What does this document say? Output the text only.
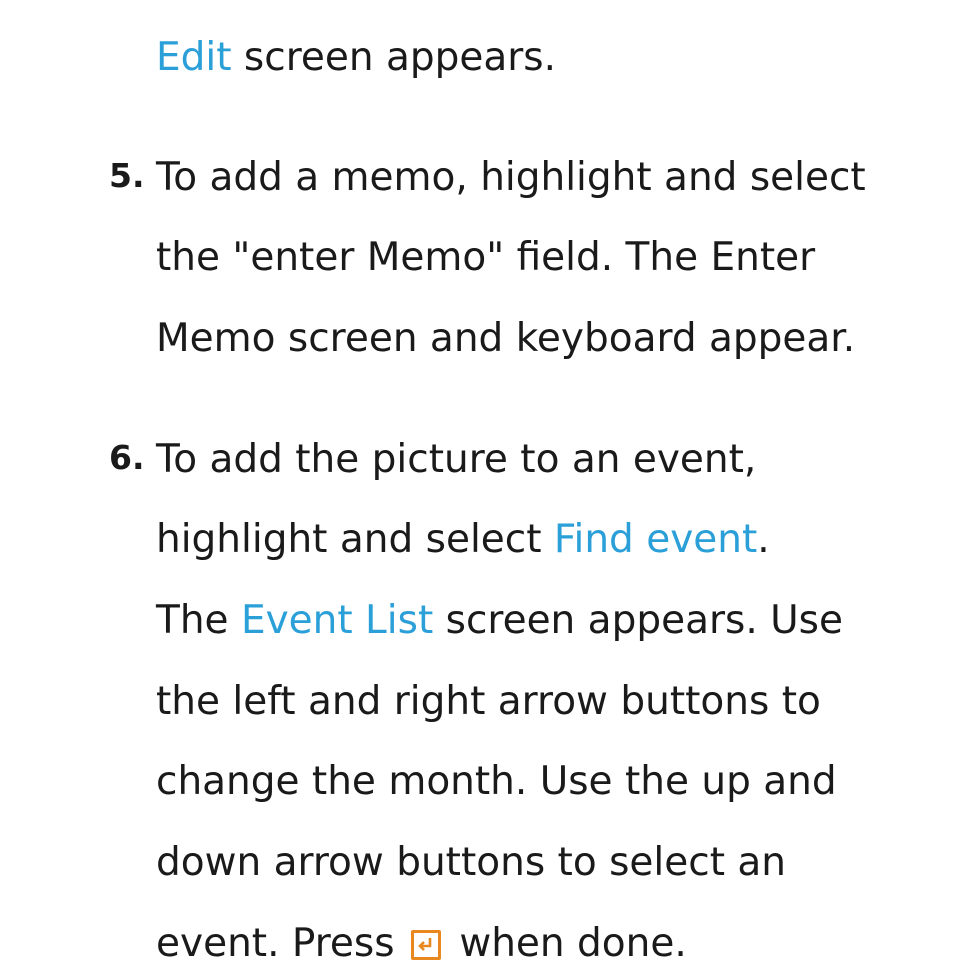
Edit screen appears.
5. To add a memo, highlight and select
the "enter Memo" field. The Enter
Memo screen and keyboard appear.
6. To add the picture to an event,
highlight and select Find event.
The Event List screen appears. Use
the left and right arrow buttons to
change the month. Use the up and
down arrow buttons to select an
event. Press
when done.
